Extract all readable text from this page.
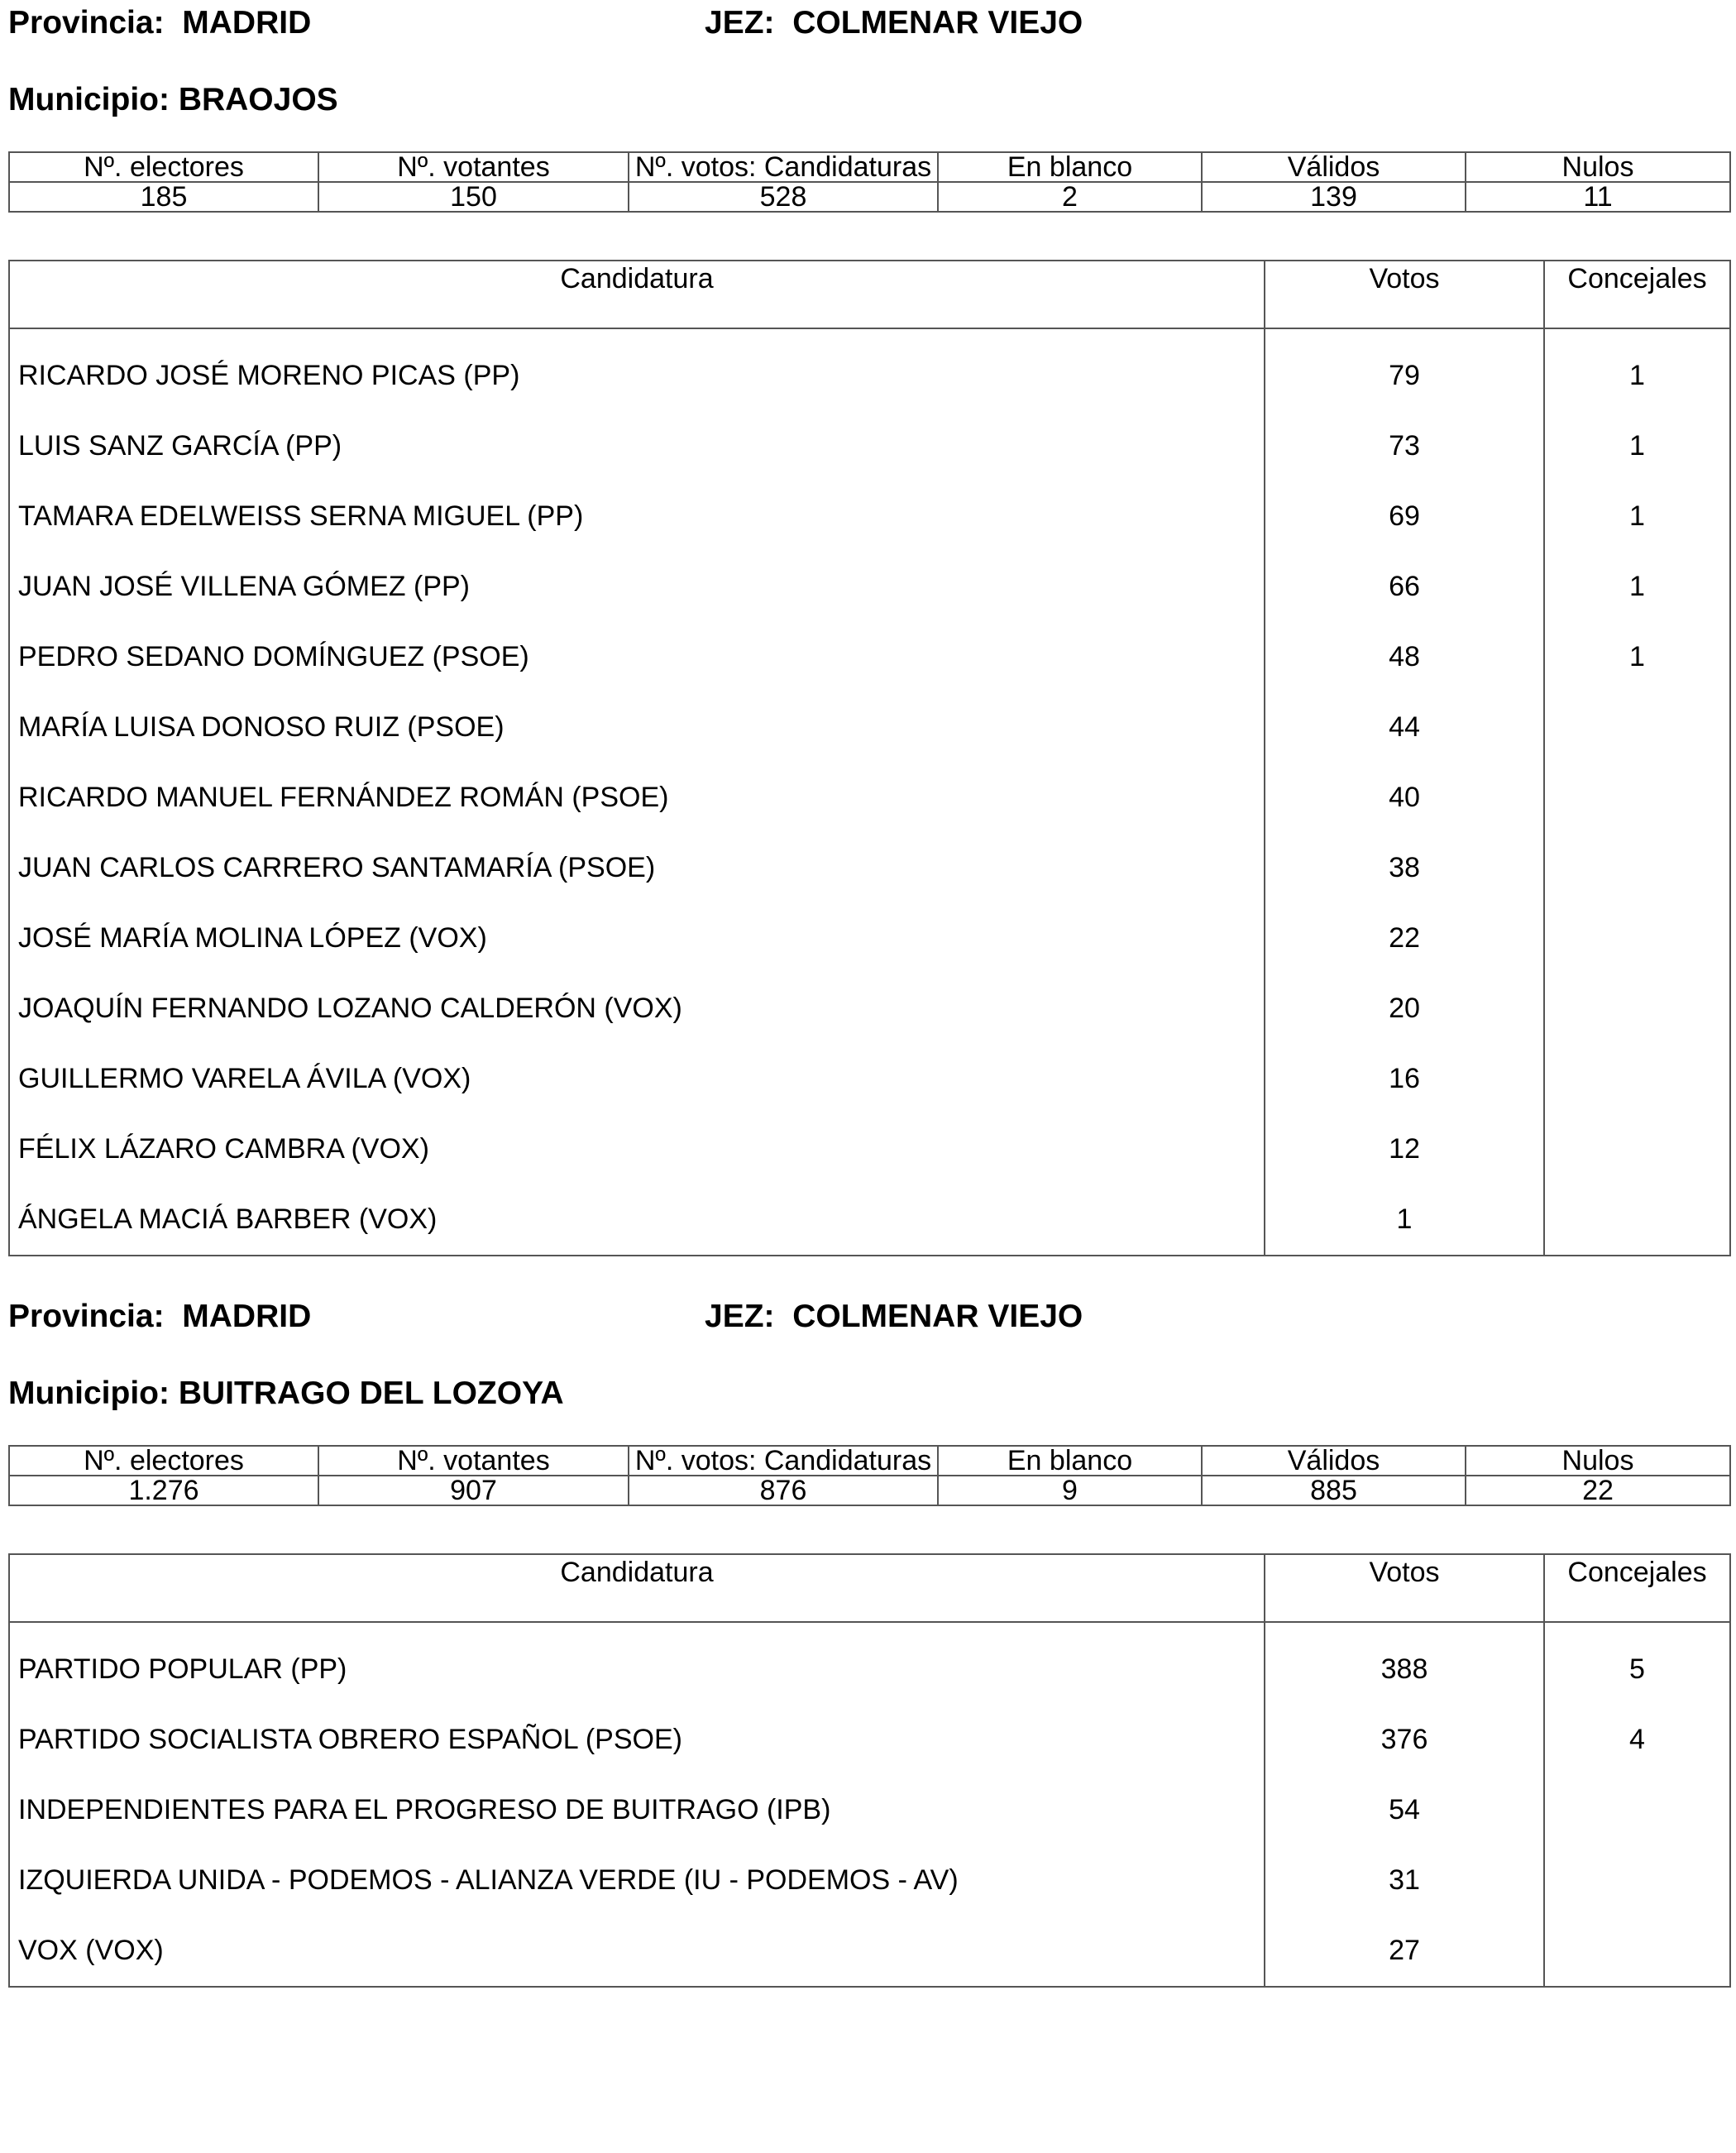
Provincia: MADRID	JEZ: COLMENAR VIEJO
Municipio: BRAOJOS
Nº. electores	Nº. votantes	Nº. votos: Candidaturas	En blanco	Válidos	Nulos
185	150	528	2	139	11
Candidatura	Votos	Concejales

RICARDO JOSÉ MORENO PICAS (PP)	79	1
LUIS SANZ GARCÍA (PP)	73	1
TAMARA EDELWEISS SERNA MIGUEL (PP)	69	1
JUAN JOSÉ VILLENA GÓMEZ (PP)	66	1
PEDRO SEDANO DOMÍNGUEZ (PSOE)	48	1
MARÍA LUISA DONOSO RUIZ (PSOE)	44	
RICARDO MANUEL FERNÁNDEZ ROMÁN (PSOE)	40	
JUAN CARLOS CARRERO SANTAMARÍA (PSOE)	38	
JOSÉ MARÍA MOLINA LÓPEZ (VOX)	22	
JOAQUÍN FERNANDO LOZANO CALDERÓN (VOX)	20	
GUILLERMO VARELA ÁVILA (VOX)	16	
FÉLIX LÁZARO CAMBRA (VOX)	12	
ÁNGELA MACIÁ BARBER (VOX)	1	
Provincia: MADRID	JEZ: COLMENAR VIEJO
Municipio: BUITRAGO DEL LOZOYA
Nº. electores	Nº. votantes	Nº. votos: Candidaturas	En blanco	Válidos	Nulos
1.276	907	876	9	885	22
Candidatura	Votos	Concejales

PARTIDO POPULAR (PP)	388	5
PARTIDO SOCIALISTA OBRERO ESPAÑOL (PSOE)	376	4
INDEPENDIENTES PARA EL PROGRESO DE BUITRAGO (IPB)	54	
IZQUIERDA UNIDA - PODEMOS - ALIANZA VERDE (IU - PODEMOS - AV)	31	
VOX (VOX)	27	
